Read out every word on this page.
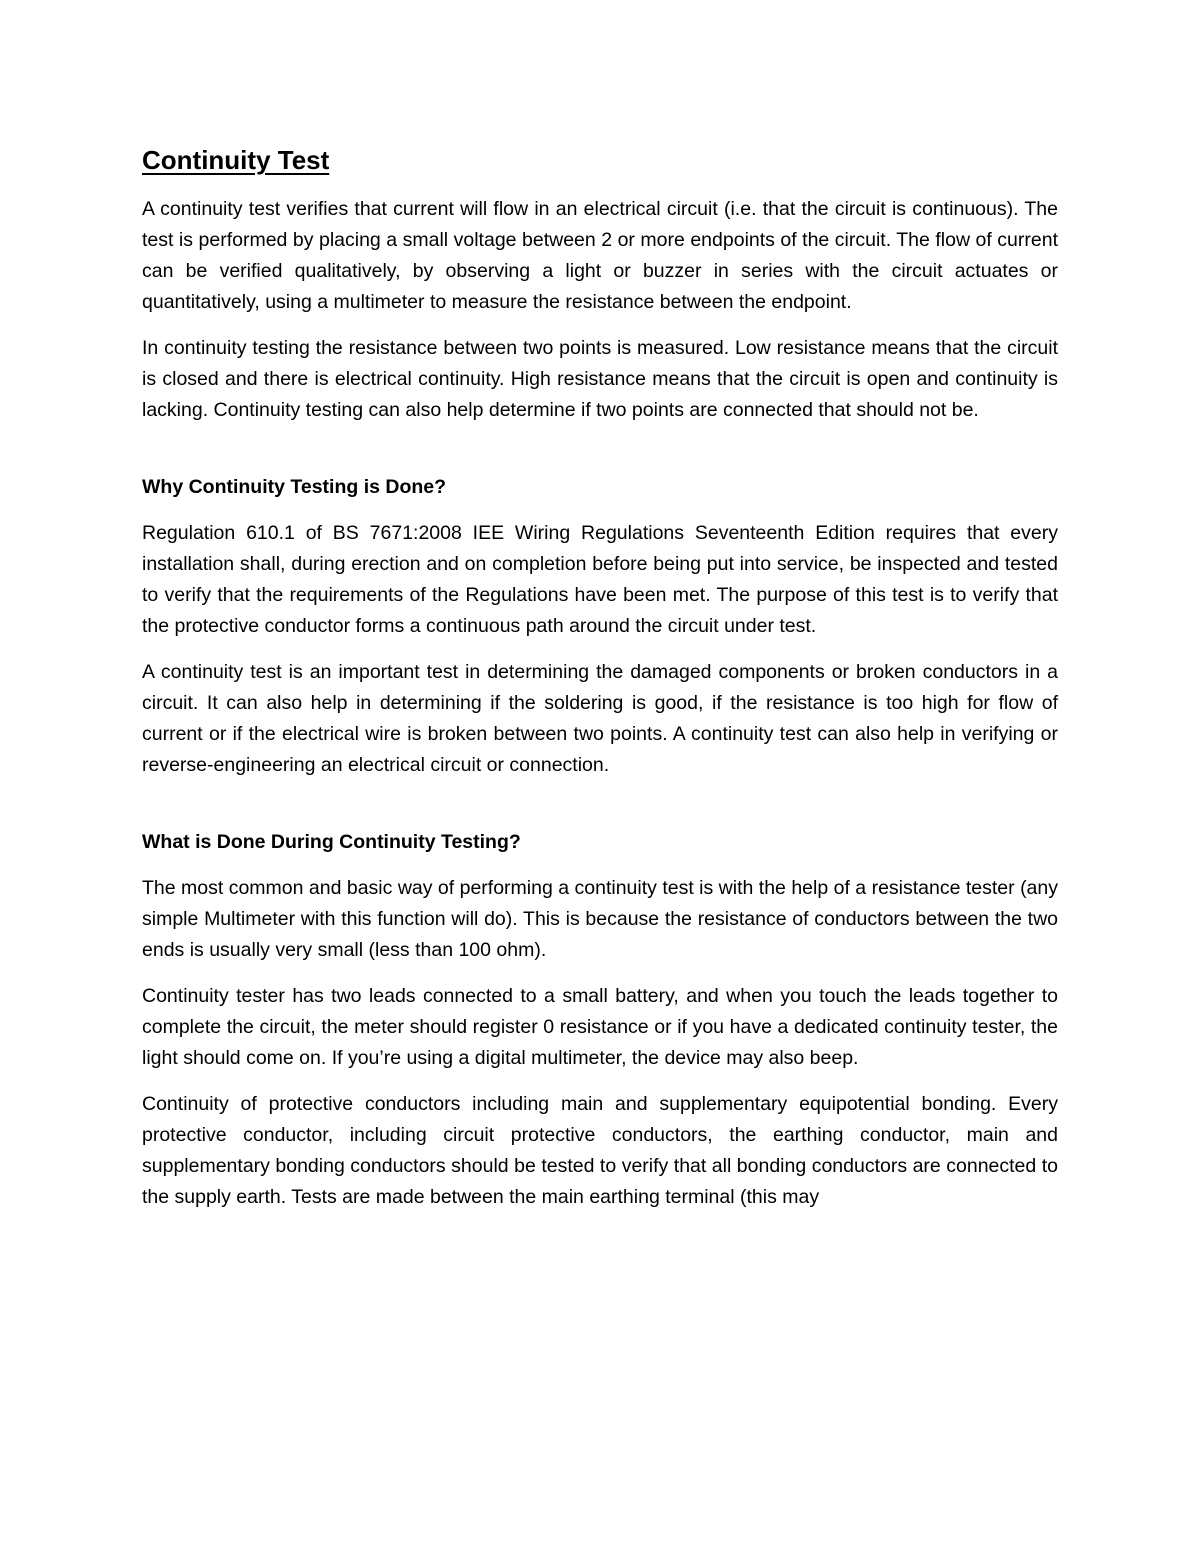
Continuity Test

A continuity test verifies that current will flow in an electrical circuit (i.e. that the circuit is continuous). The test is performed by placing a small voltage between 2 or more endpoints of the circuit. The flow of current can be verified qualitatively, by observing a light or buzzer in series with the circuit actuates or quantitatively, using a multimeter to measure the resistance between the endpoint.

In continuity testing the resistance between two points is measured. Low resistance means that the circuit is closed and there is electrical continuity. High resistance means that the circuit is open and continuity is lacking. Continuity testing can also help determine if two points are connected that should not be.

Why Continuity Testing is Done?

Regulation 610.1 of BS 7671:2008 IEE Wiring Regulations Seventeenth Edition requires that every installation shall, during erection and on completion before being put into service, be inspected and tested to verify that the requirements of the Regulations have been met. The purpose of this test is to verify that the protective conductor forms a continuous path around the circuit under test.

A continuity test is an important test in determining the damaged components or broken conductors in a circuit. It can also help in determining if the soldering is good, if the resistance is too high for flow of current or if the electrical wire is broken between two points. A continuity test can also help in verifying or reverse-engineering an electrical circuit or connection.

What is Done During Continuity Testing?

The most common and basic way of performing a continuity test is with the help of a resistance tester (any simple Multimeter with this function will do). This is because the resistance of conductors between the two ends is usually very small (less than 100 ohm).

Continuity tester has two leads connected to a small battery, and when you touch the leads together to complete the circuit, the meter should register 0 resistance or if you have a dedicated continuity tester, the light should come on. If you’re using a digital multimeter, the device may also beep.

Continuity of protective conductors including main and supplementary equipotential bonding. Every protective conductor, including circuit protective conductors, the earthing conductor, main and supplementary bonding conductors should be tested to verify that all bonding conductors are connected to the supply earth. Tests are made between the main earthing terminal (this may
